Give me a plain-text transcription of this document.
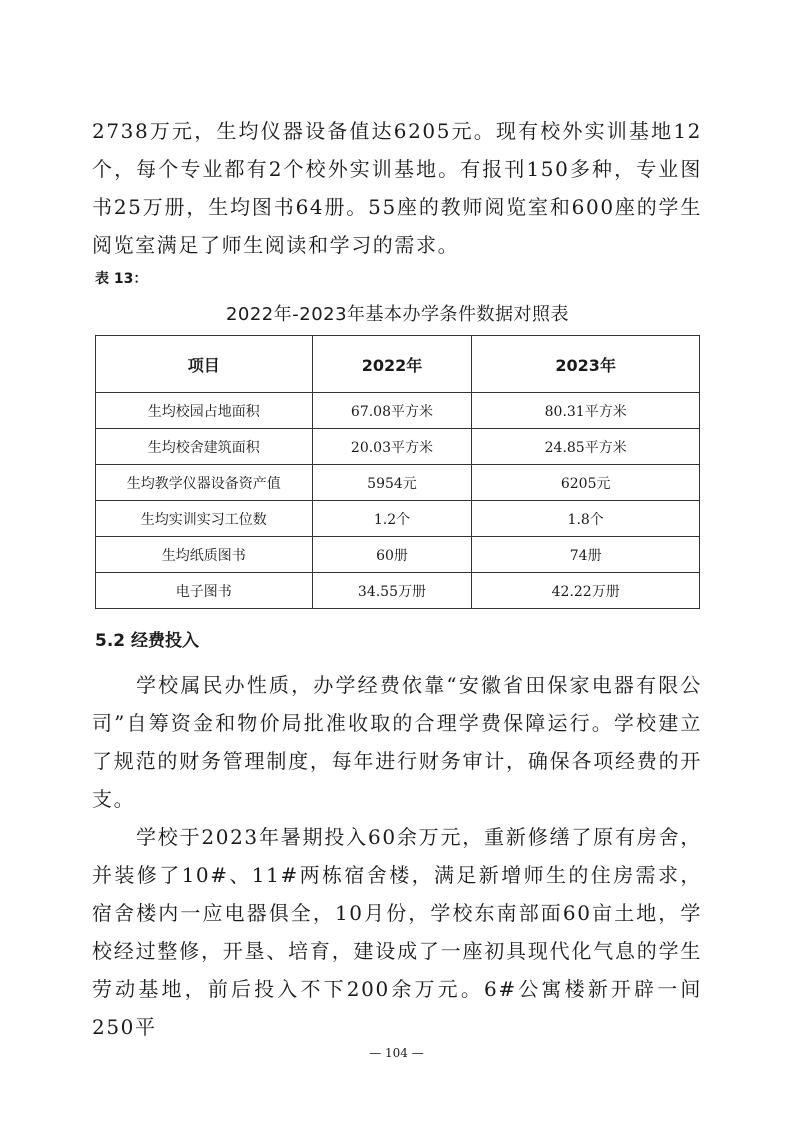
2738万元，生均仪器设备值达6205元。现有校外实训基地12个，每个专业都有2个校外实训基地。有报刊150多种，专业图书25万册，生均图书64册。55座的教师阅览室和600座的学生阅览室满足了师生阅读和学习的需求。

表 13：
2022年-2023年基本办学条件数据对照表
项目	2022年	2023年
生均校园占地面积	67.08平方米	80.31平方米
生均校舍建筑面积	20.03平方米	24.85平方米
生均教学仪器设备资产值	5954元	6205元
生均实训实习工位数	1.2个	1.8个
生均纸质图书	60册	74册
电子图书	34.55万册	42.22万册
5.2 经费投入

学校属民办性质，办学经费依靠“安徽省田保家电器有限公司”自筹资金和物价局批准收取的合理学费保障运行。学校建立了规范的财务管理制度，每年进行财务审计，确保各项经费的开支。

学校于2023年暑期投入60余万元，重新修缮了原有房舍，并装修了10#、11#两栋宿舍楼，满足新增师生的住房需求，宿舍楼内一应电器俱全，10月份，学校东南部面60亩土地，学校经过整修，开垦、培育，建设成了一座初具现代化气息的学生劳动基地，前后投入不下200余万元。6#公寓楼新开辟一间250平

— 104 —
